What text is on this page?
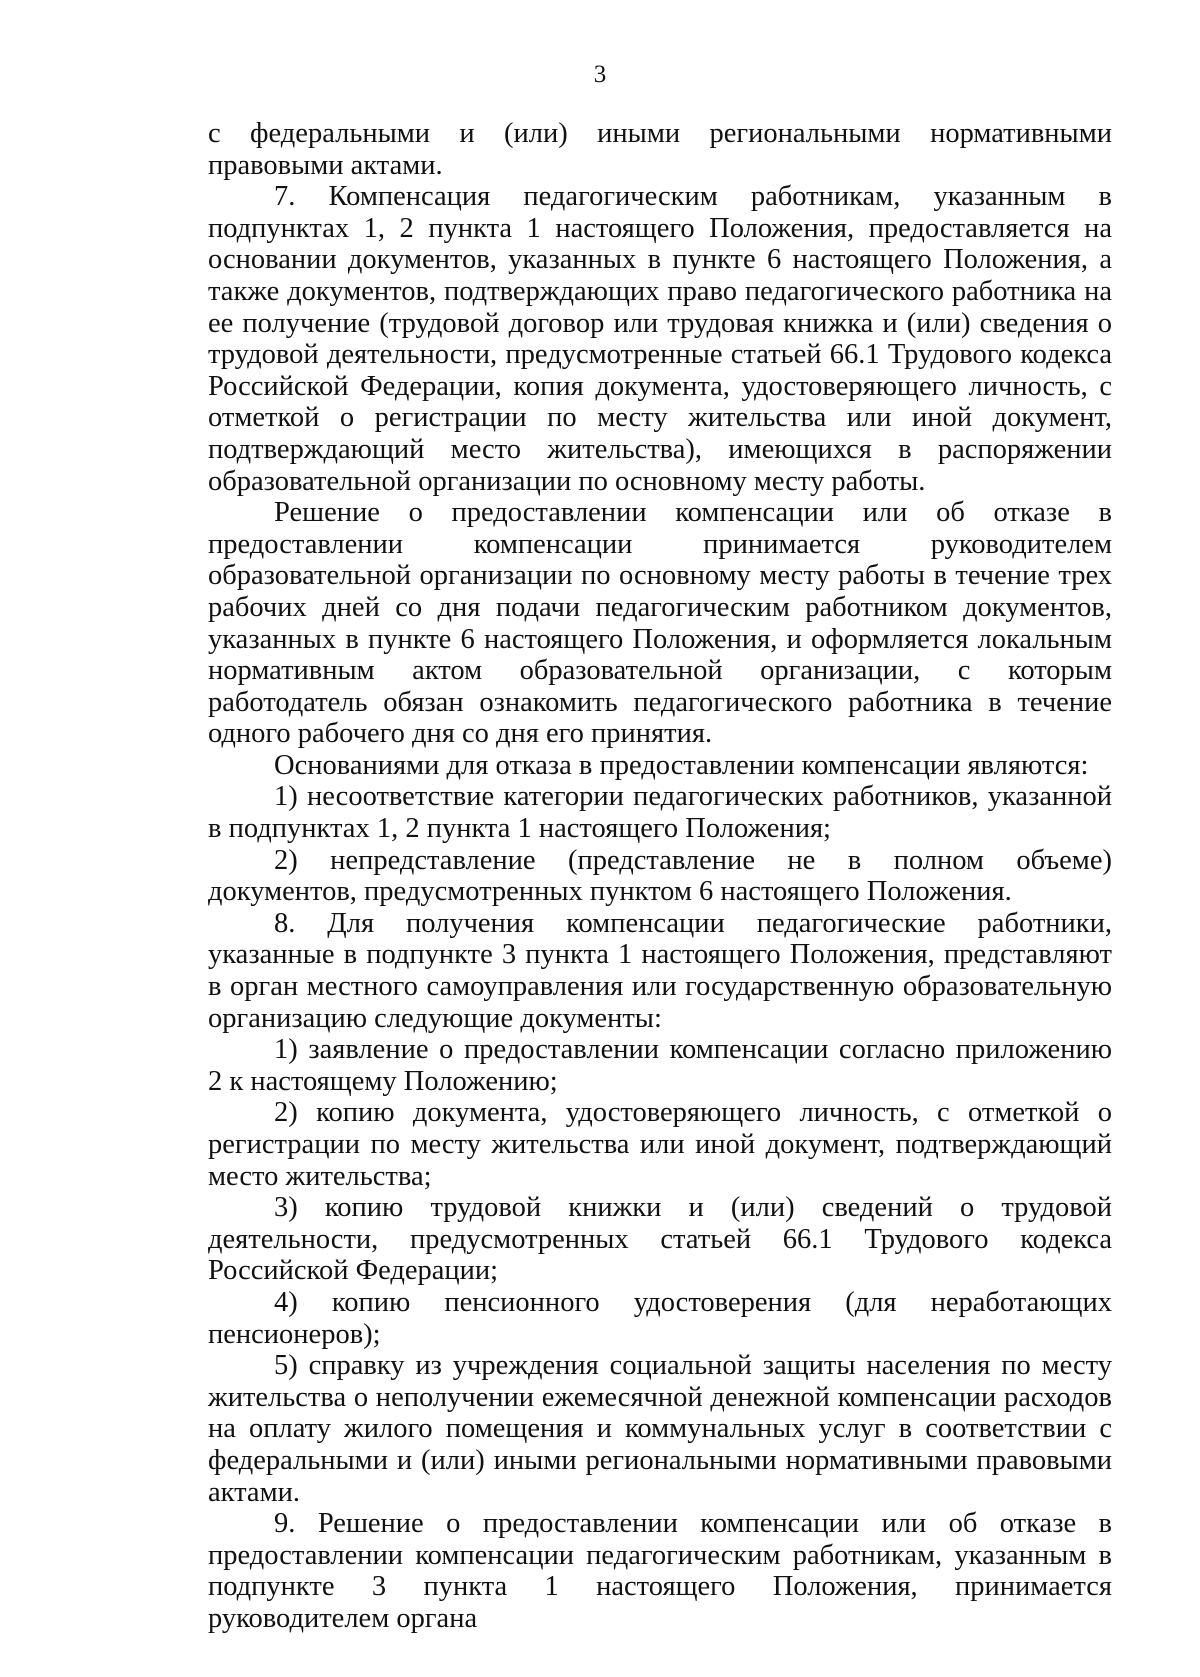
3

с федеральными и (или) иными региональными нормативными правовыми актами.

7. Компенсация педагогическим работникам, указанным в подпунктах 1, 2 пункта 1 настоящего Положения, предоставляется на основании документов, указанных в пункте 6 настоящего Положения, а также документов, подтверждающих право педагогического работника на ее получение (трудовой договор или трудовая книжка и (или) сведения о трудовой деятельности, предусмотренные статьей 66.1 Трудового кодекса Российской Федерации, копия документа, удостоверяющего личность, с отметкой о регистрации по месту жительства или иной документ, подтверждающий место жительства), имеющихся в распоряжении образовательной организации по основному месту работы.

Решение о предоставлении компенсации или об отказе в предоставлении компенсации принимается руководителем образовательной организации по основному месту работы в течение трех рабочих дней со дня подачи педагогическим работником документов, указанных в пункте 6 настоящего Положения, и оформляется локальным нормативным актом образовательной организации, с которым работодатель обязан ознакомить педагогического работника в течение одного рабочего дня со дня его принятия.

Основаниями для отказа в предоставлении компенсации являются:

1) несоответствие категории педагогических работников, указанной в подпунктах 1, 2 пункта 1 настоящего Положения;

2) непредставление (представление не в полном объеме) документов, предусмотренных пунктом 6 настоящего Положения.

8. Для получения компенсации педагогические работники, указанные в подпункте 3 пункта 1 настоящего Положения, представляют в орган местного самоуправления или государственную образовательную организацию следующие документы:

1) заявление о предоставлении компенсации согласно приложению 2 к настоящему Положению;

2) копию документа, удостоверяющего личность, с отметкой о регистрации по месту жительства или иной документ, подтверждающий место жительства;

3) копию трудовой книжки и (или) сведений о трудовой деятельности, предусмотренных статьей 66.1 Трудового кодекса Российской Федерации;

4) копию пенсионного удостоверения (для неработающих пенсионеров);

5) справку из учреждения социальной защиты населения по месту жительства о неполучении ежемесячной денежной компенсации расходов на оплату жилого помещения и коммунальных услуг в соответствии с федеральными и (или) иными региональными нормативными правовыми актами.

9. Решение о предоставлении компенсации или об отказе в предоставлении компенсации педагогическим работникам, указанным в подпункте 3 пункта 1 настоящего Положения, принимается руководителем органа
